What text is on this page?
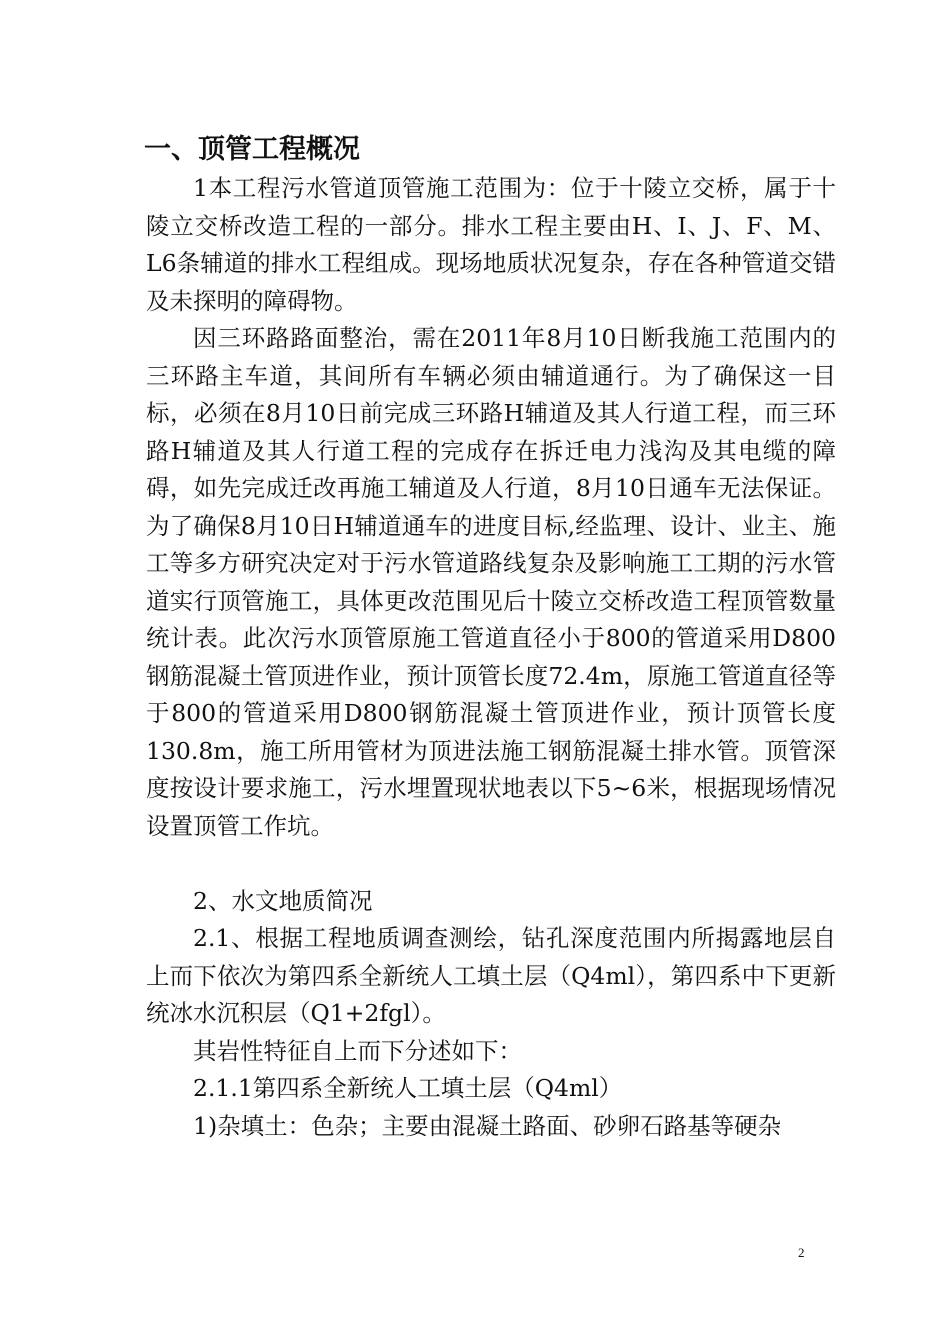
一、顶管工程概况

1本工程污水管道顶管施工范围为：位于十陵立交桥，属于十陵立交桥改造工程的一部分。排水工程主要由H、I、J、F、M、L6条辅道的排水工程组成。现场地质状况复杂，存在各种管道交错及未探明的障碍物。

因三环路路面整治，需在2011年8月10日断我施工范围内的三环路主车道，其间所有车辆必须由辅道通行。为了确保这一目标，必须在8月10日前完成三环路H辅道及其人行道工程，而三环路H辅道及其人行道工程的完成存在拆迁电力浅沟及其电缆的障碍，如先完成迁改再施工辅道及人行道，8月10日通车无法保证。为了确保8月10日H辅道通车的进度目标,经监理、设计、业主、施工等多方研究决定对于污水管道路线复杂及影响施工工期的污水管道实行顶管施工，具体更改范围见后十陵立交桥改造工程顶管数量统计表。此次污水顶管原施工管道直径小于800的管道采用D800钢筋混凝土管顶进作业，预计顶管长度72.4m，原施工管道直径等于800的管道采用D800钢筋混凝土管顶进作业，预计顶管长度130.8m，施工所用管材为顶进法施工钢筋混凝土排水管。顶管深度按设计要求施工，污水埋置现状地表以下5~6米，根据现场情况设置顶管工作坑。

2、水文地质简况

2.1、根据工程地质调查测绘，钻孔深度范围内所揭露地层自上而下依次为第四系全新统人工填土层（Q4ml），第四系中下更新统冰水沉积层（Q1+2fgl）。

其岩性特征自上而下分述如下：

2.1.1第四系全新统人工填土层（Q4ml）

1)杂填土：色杂；主要由混凝土路面、砂卵石路基等硬杂

2
